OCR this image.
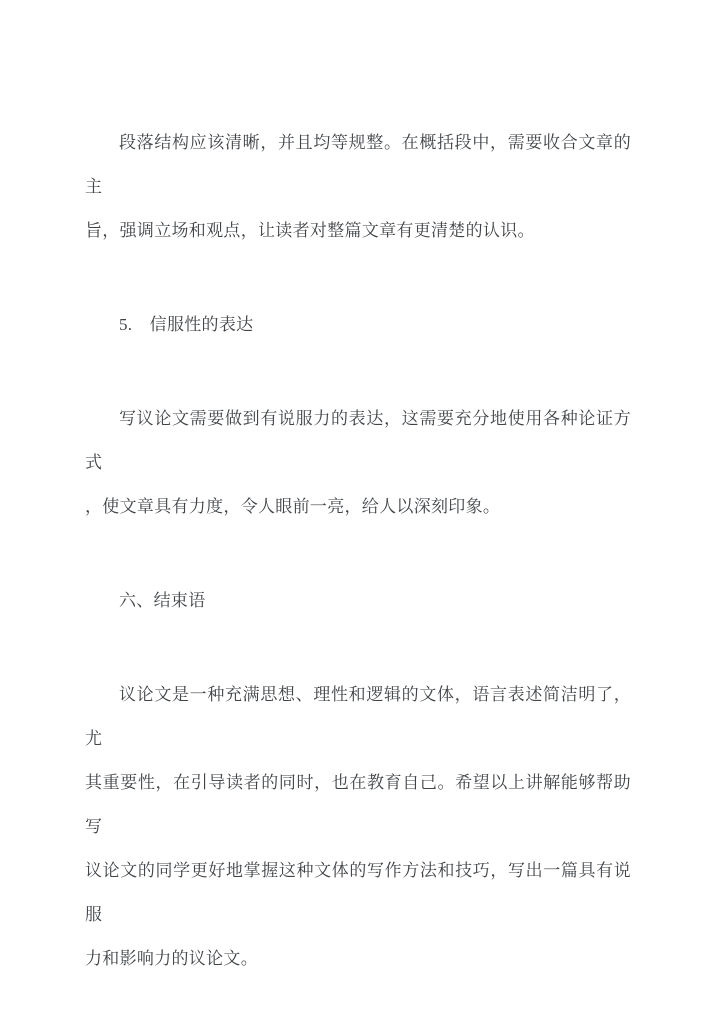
段落结构应该清晰，并且均等规整。在概括段中，需要收合文章的主
旨，强调立场和观点，让读者对整篇文章有更清楚的认识。
5.　信服性的表达
写议论文需要做到有说服力的表达，这需要充分地使用各种论证方式
，使文章具有力度，令人眼前一亮，给人以深刻印象。
六、结束语
议论文是一种充满思想、理性和逻辑的文体，语言表述简洁明了，尤
其重要性，在引导读者的同时，也在教育自己。希望以上讲解能够帮助写
议论文的同学更好地掌握这种文体的写作方法和技巧，写出一篇具有说服
力和影响力的议论文。
